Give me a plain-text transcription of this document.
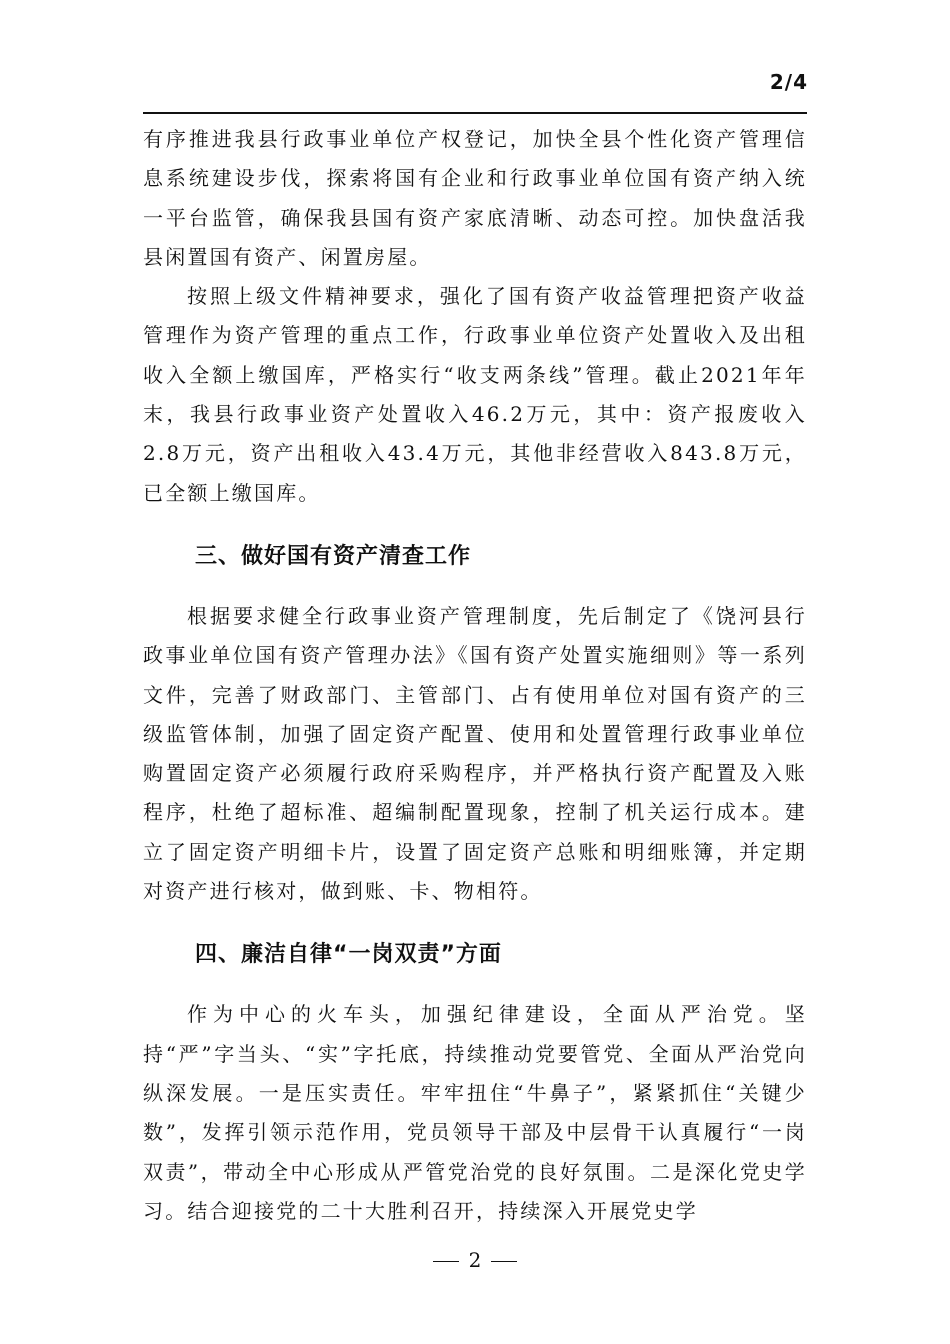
2/4

有序推进我县行政事业单位产权登记，加快全县个性化资产管理信息系统建设步伐，探索将国有企业和行政事业单位国有资产纳入统一平台监管，确保我县国有资产家底清晰、动态可控。加快盘活我县闲置国有资产、闲置房屋。

按照上级文件精神要求，强化了国有资产收益管理把资产收益管理作为资产管理的重点工作，行政事业单位资产处置收入及出租收入全额上缴国库，严格实行“收支两条线”管理。截止2021年年末，我县行政事业资产处置收入46.2万元，其中：资产报废收入2.8万元，资产出租收入43.4万元，其他非经营收入843.8万元，已全额上缴国库。

三、做好国有资产清查工作

根据要求健全行政事业资产管理制度，先后制定了《饶河县行政事业单位国有资产管理办法》《国有资产处置实施细则》等一系列文件，完善了财政部门、主管部门、占有使用单位对国有资产的三级监管体制，加强了固定资产配置、使用和处置管理行政事业单位购置固定资产必须履行政府采购程序，并严格执行资产配置及入账程序，杜绝了超标准、超编制配置现象，控制了机关运行成本。建立了固定资产明细卡片，设置了固定资产总账和明细账簿，并定期对资产进行核对，做到账、卡、物相符。

四、廉洁自律“一岗双责”方面

作为中心的火车头，加强纪律建设，全面从严治党。坚持“严”字当头、“实”字托底，持续推动党要管党、全面从严治党向纵深发展。一是压实责任。牢牢扭住“牛鼻子”，紧紧抓住“关键少数”，发挥引领示范作用，党员领导干部及中层骨干认真履行“一岗双责”，带动全中心形成从严管党治党的良好氛围。二是深化党史学习。结合迎接党的二十大胜利召开，持续深入开展党史学

2
